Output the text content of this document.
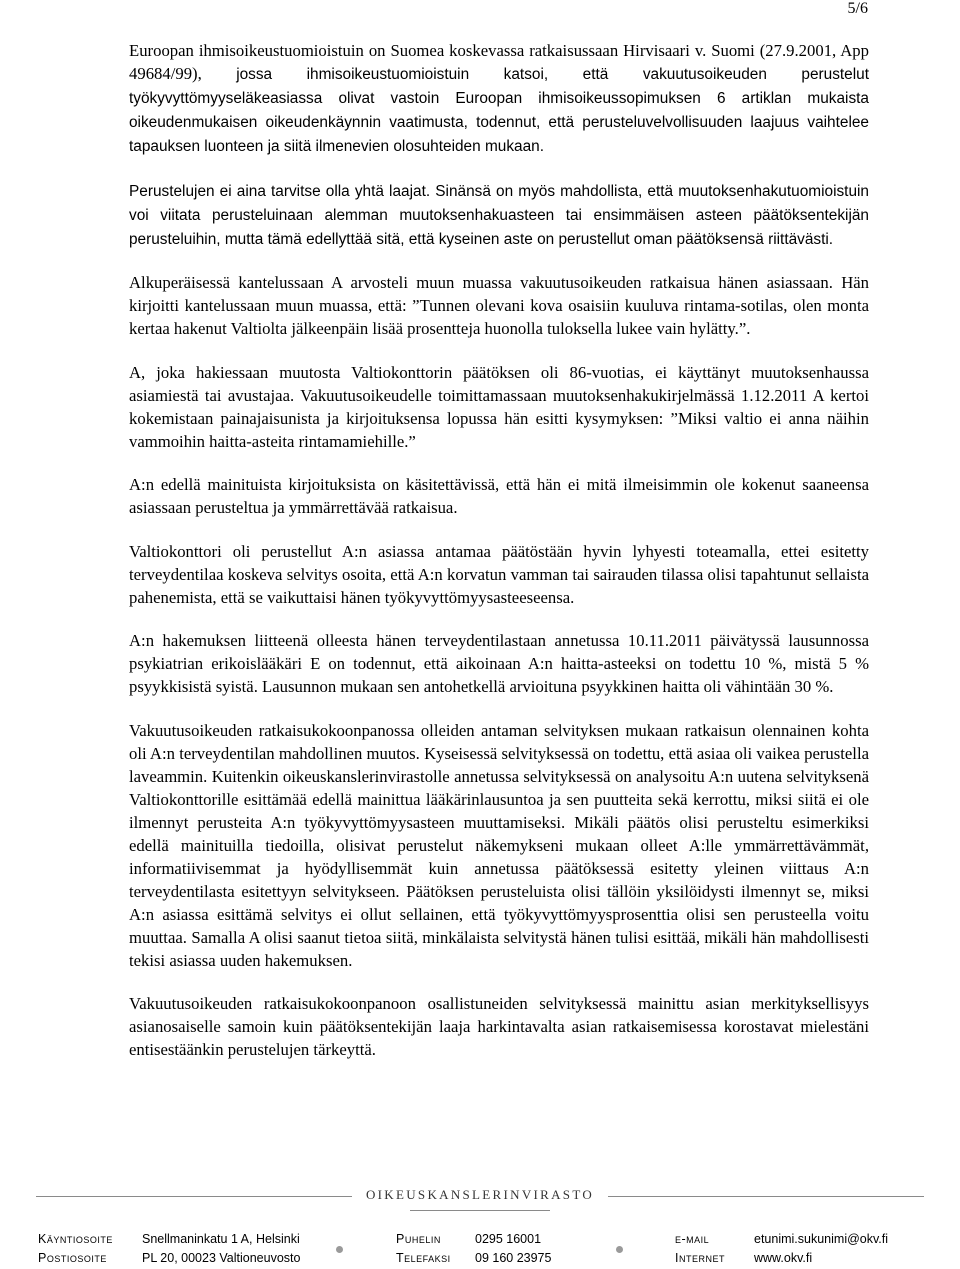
5/6

Euroopan ihmisoikeustuomioistuin on Suomea koskevassa ratkaisussaan Hirvisaari v. Suomi (27.9.2001, App 49684/99), jossa ihmisoikeustuomioistuin katsoi, että vakuutusoikeuden perustelut työkyvyttömyyseläkeasiassa olivat vastoin Euroopan ihmisoikeussopimuksen 6 artiklan mukaista oikeudenmukaisen oikeudenkäynnin vaatimusta, todennut, että perusteluvelvollisuuden laajuus vaihtelee tapauksen luonteen ja siitä ilmenevien olosuhteiden mukaan.

Perustelujen ei aina tarvitse olla yhtä laajat. Sinänsä on myös mahdollista, että muutoksenhakutuomioistuin voi viitata perusteluinaan alemman muutoksenhakuasteen tai ensimmäisen asteen päätöksentekijän perusteluihin, mutta tämä edellyttää sitä, että kyseinen aste on perustellut oman päätöksensä riittävästi.

Alkuperäisessä kantelussaan A arvosteli muun muassa vakuutusoikeuden ratkaisua hänen asiassaan. Hän kirjoitti kantelussaan muun muassa, että: ”Tunnen olevani kova osaisiin kuuluva rintama-sotilas, olen monta kertaa hakenut Valtiolta jälkeenpäin lisää prosentteja huonolla tuloksella lukee vain hylätty.”.

A, joka hakiessaan muutosta Valtiokonttorin päätöksen oli 86-vuotias, ei käyttänyt muutoksenhaussa asiamiestä tai avustajaa. Vakuutusoikeudelle toimittamassaan muutoksenhakukirjelmässä 1.12.2011 A kertoi kokemistaan painajaisunista ja kirjoituksensa lopussa hän esitti kysymyksen: ”Miksi valtio ei anna näihin vammoihin haitta-asteita rintamamiehille.”

A:n edellä mainituista kirjoituksista on käsitettävissä, että hän ei mitä ilmeisimmin ole kokenut saaneensa asiassaan perusteltua ja ymmärrettävää ratkaisua.

Valtiokonttori oli perustellut A:n asiassa antamaa päätöstään hyvin lyhyesti toteamalla, ettei esitetty terveydentilaa koskeva selvitys osoita, että A:n korvatun vamman tai sairauden tilassa olisi tapahtunut sellaista pahenemista, että se vaikuttaisi hänen työkyvyttömyysasteeseensa.

A:n hakemuksen liitteenä olleesta hänen terveydentilastaan annetussa 10.11.2011 päivätyssä lausunnossa psykiatrian erikoislääkäri E on todennut, että aikoinaan A:n haitta-asteeksi on todettu 10 %, mistä 5 % psyykkisistä syistä. Lausunnon mukaan sen antohetkellä arvioituna psyykkinen haitta oli vähintään 30 %.

Vakuutusoikeuden ratkaisukokoonpanossa olleiden antaman selvityksen mukaan ratkaisun olennainen kohta oli A:n terveydentilan mahdollinen muutos. Kyseisessä selvityksessä on todettu, että asiaa oli vaikea perustella laveammin. Kuitenkin oikeuskanslerinvirastolle annetussa selvityksessä on analysoitu A:n uutena selvityksenä Valtiokonttorille esittämää edellä mainittua lääkärinlausuntoa ja sen puutteita sekä kerrottu, miksi siitä ei ole ilmennyt perusteita A:n työkyvyttömyysasteen muuttamiseksi. Mikäli päätös olisi perusteltu esimerkiksi edellä mainituilla tiedoilla, olisivat perustelut näkemykseni mukaan olleet A:lle ymmärrettävämmät, informatiivisemmat ja hyödyllisemmät kuin annetussa päätöksessä esitetty yleinen viittaus A:n terveydentilasta esitettyyn selvitykseen. Päätöksen perusteluista olisi tällöin yksilöidysti ilmennyt se, miksi A:n asiassa esittämä selvitys ei ollut sellainen, että työkyvyttömyysprosenttia olisi sen perusteella voitu muuttaa. Samalla A olisi saanut tietoa siitä, minkälaista selvitystä hänen tulisi esittää, mikäli hän mahdollisesti tekisi asiassa uuden hakemuksen.

Vakuutusoikeuden ratkaisukokoonpanoon osallistuneiden selvityksessä mainittu asian merkityksellisyys asianosaiselle samoin kuin päätöksentekijän laaja harkintavalta asian ratkaisemisessa korostavat mielestäni entisestäänkin perustelujen tärkeyttä.

OIKEUSKANSLERINVIRASTO
Käyntiosoite Snellmaninkatu 1 A, Helsinki	Puhelin	0295 16001	e-mail	etunimi.sukunimi@okv.fi
Postiosoite	PL 20, 00023 Valtioneuvosto	Telefaksi 09 160 23975	Internet www.okv.fi
